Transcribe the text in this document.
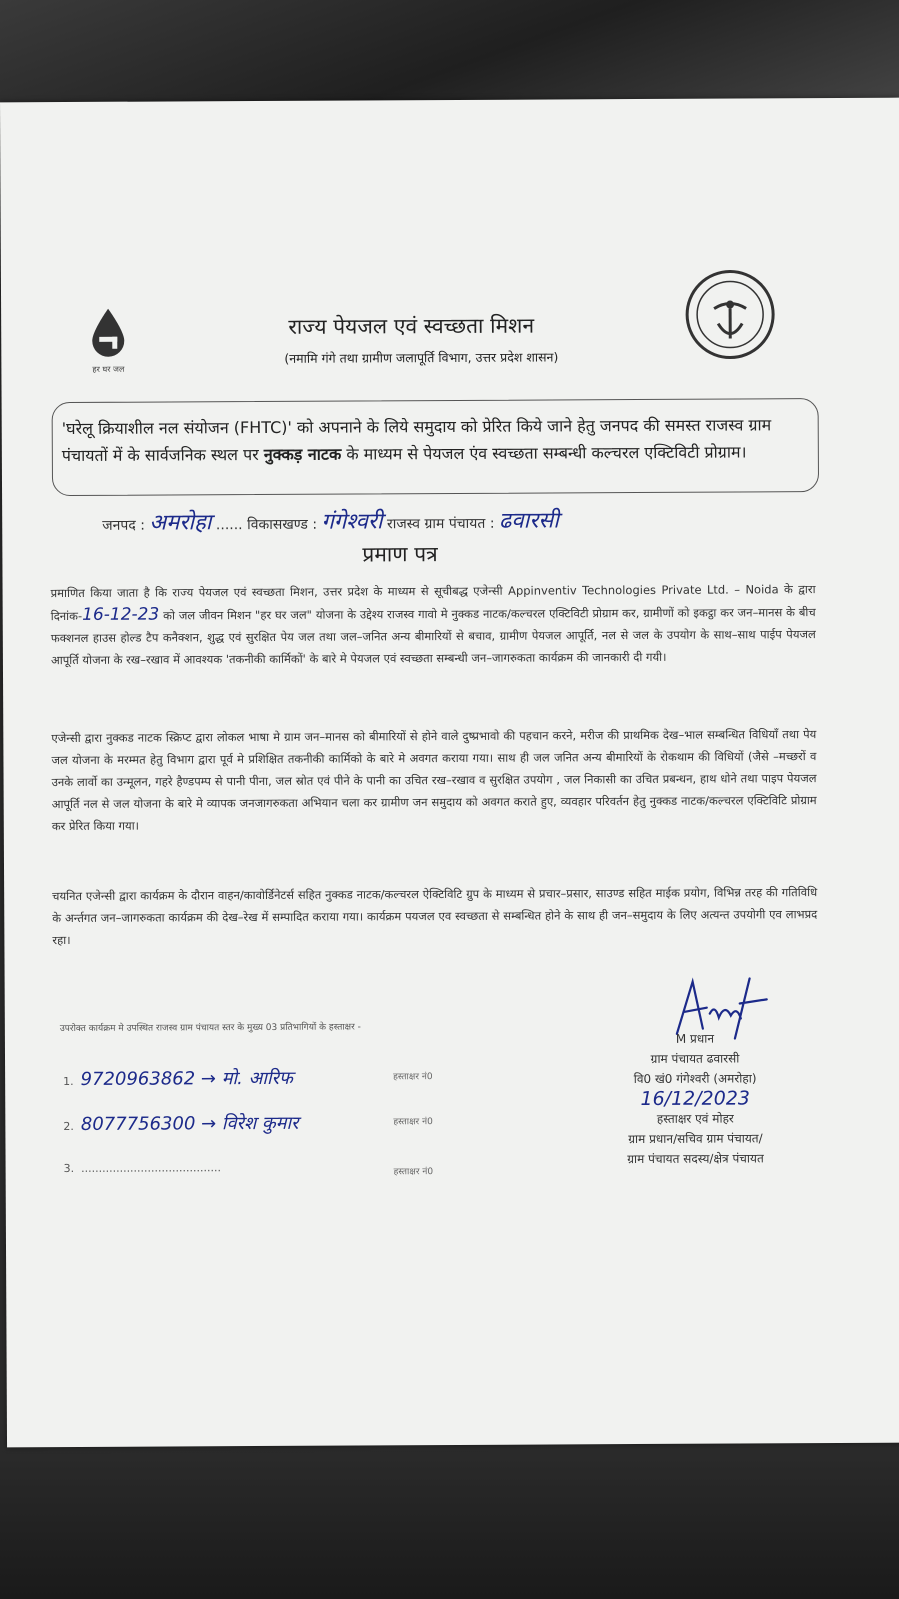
हर घर जल
राज्य पेयजल एवं स्वच्छता मिशन
(नमामि गंगे तथा ग्रामीण जलापूर्ति विभाग, उत्तर प्रदेश शासन)
'घरेलू क्रियाशील नल संयोजन (FHTC)' को अपनाने के लिये समुदाय को प्रेरित किये जाने हेतु जनपद की समस्त राजस्व ग्राम पंचायतों में के सार्वजनिक स्थल पर नुक्कड़ नाटक के माध्यम से पेयजल एंव स्वच्छता सम्बन्धी कल्चरल एक्टिविटी प्रोग्राम।
जनपद : अमरोहा ...... विकासखण्ड : गंगेश्वरी राजस्व ग्राम पंचायत : ढवारसी
प्रमाण पत्र
प्रमाणित किया जाता है कि राज्य पेयजल एवं स्वच्छता मिशन, उत्तर प्रदेश के माध्यम से सूचीबद्ध एजेन्सी Appinventiv Technologies Private Ltd. – Noida के द्वारा दिनांक-16-12-23 को जल जीवन मिशन "हर घर जल" योजना के उद्देश्य राजस्व गावो मे नुक्कड नाटक/कल्चरल एक्टिविटी प्रोग्राम कर, ग्रामीणों को इकट्ठा कर जन–मानस के बीच फक्शनल हाउस होल्ड टैप कनैक्शन, शुद्ध एवं सुरक्षित पेय जल तथा जल–जनित अन्य बीमारियों से बचाव, ग्रामीण पेयजल आपूर्ति, नल से जल के उपयोग के साथ–साथ पाईप पेयजल आपूर्ति योजना के रख–रखाव में आवश्यक 'तकनीकी कार्मिकों' के बारे मे पेयजल एवं स्वच्छता सम्बन्धी जन–जागरुकता कार्यक्रम की जानकारी दी गयी।
एजेन्सी द्वारा नुक्कड नाटक स्क्रिप्ट द्वारा लोकल भाषा मे ग्राम जन–मानस को बीमारियों से होने वाले दुष्प्रभावो की पहचान करने, मरीज की प्राथमिक देख–भाल सम्बन्धित विधियाँ तथा पेय जल योजना के मरम्मत हेतु विभाग द्वारा पूर्व मे प्रशिक्षित तकनीकी कार्मिको के बारे मे अवगत कराया गया। साथ ही जल जनित अन्य बीमारियों के रोकथाम की विधियों (जैसे –मच्छरों व उनके लार्वो का उन्मूलन, गहरे हैण्डपम्प से पानी पीना, जल स्रोत एवं पीने के पानी का उचित रख–रखाव व सुरक्षित उपयोग , जल निकासी का उचित प्रबन्धन, हाथ धोने तथा पाइप पेयजल आपूर्ति नल से जल योजना के बारे मे व्यापक जनजागरुकता अभियान चला कर ग्रामीण जन समुदाय को अवगत कराते हुए, व्यवहार परिवर्तन हेतु नुक्कड नाटक/कल्चरल एक्टिविटि प्रोग्राम कर प्रेरित किया गया।
चयनित एजेन्सी द्वारा कार्यक्रम के दौरान वाहन/कावोर्डिनेटर्स सहित नुक्कड नाटक/कल्चरल ऐक्टिविटि ग्रुप के माध्यम से प्रचार–प्रसार, साउण्ड सहित माईक प्रयोग, विभिन्न तरह की गतिविधि के अर्न्तगत जन–जागरुकता कार्यक्रम की देख–रेख में सम्पादित कराया गया। कार्यक्रम पयजल एव स्वच्छता से सम्बन्धित होने के साथ ही जन–समुदाय के लिए अत्यन्त उपयोगी एव लाभप्रद रहा।
उपरोक्त कार्यक्रम मे उपस्थित राजस्व ग्राम पंचायत स्तर के मुख्य 03 प्रतिभागियों के हस्ताक्षर -
1. 9720963862 → मो. आरिफ	हस्ताक्षर नं0
2. 8077756300 → विरेश कुमार	हस्ताक्षर नं0
3. ........................................	हस्ताक्षर नं0
M प्रधान
ग्राम पंचायत ढवारसी
वि0 खं0 गंगेश्वरी (अमरोहा)
16/12/2023
हस्ताक्षर एवं मोहर
ग्राम प्रधान/सचिव ग्राम पंचायत/
ग्राम पंचायत सदस्य/क्षेत्र पंचायत
